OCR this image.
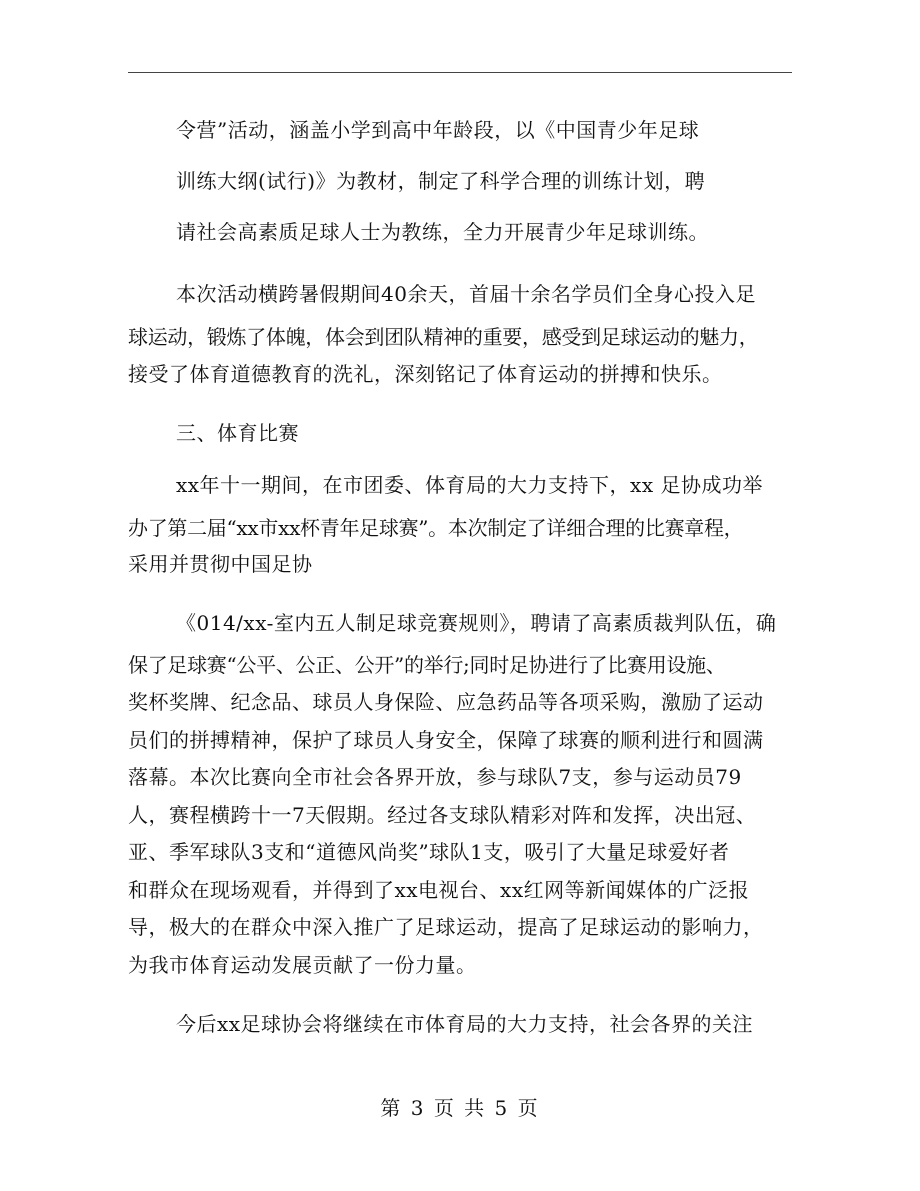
令营”活动，涵盖小学到高中年龄段，以《中国青少年足球
训练大纲(试行)》为教材，制定了科学合理的训练计划，聘
请社会高素质足球人士为教练，全力开展青少年足球训练。
本次活动横跨暑假期间40余天，首届十余名学员们全身心投入足
球运动，锻炼了体魄，体会到团队精神的重要，感受到足球运动的魅力，
接受了体育道德教育的洗礼，深刻铭记了体育运动的拼搏和快乐。
三、体育比赛
xx年十一期间，在市团委、体育局的大力支持下，xx 足协成功举
办了第二届“xx市xx杯青年足球赛”。本次制定了详细合理的比赛章程，
采用并贯彻中国足协
《014/xx-室内五人制足球竞赛规则》，聘请了高素质裁判队伍，确
保了足球赛“公平、公正、公开”的举行;同时足协进行了比赛用设施、
奖杯奖牌、纪念品、球员人身保险、应急药品等各项采购，激励了运动
员们的拼搏精神，保护了球员人身安全，保障了球赛的顺利进行和圆满
落幕。本次比赛向全市社会各界开放，参与球队7支，参与运动员79
人，赛程横跨十一7天假期。经过各支球队精彩对阵和发挥，决出冠、
亚、季军球队3支和“道德风尚奖”球队1支，吸引了大量足球爱好者
和群众在现场观看，并得到了xx电视台、xx红网等新闻媒体的广泛报
导，极大的在群众中深入推广了足球运动，提高了足球运动的影响力，
为我市体育运动发展贡献了一份力量。
今后xx足球协会将继续在市体育局的大力支持，社会各界的关注
第 3 页 共 5 页
